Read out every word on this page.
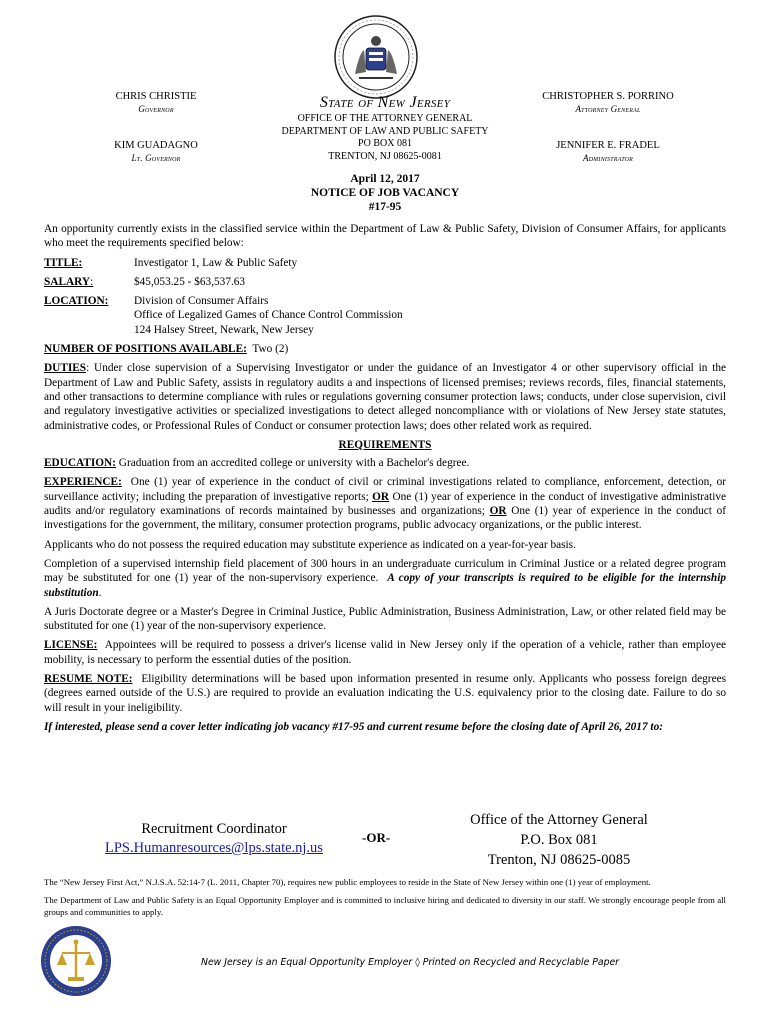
CHRIS CHRISTIE
Governor
KIM GUADAGNO
Lt. Governor
State of New Jersey
OFFICE OF THE ATTORNEY GENERAL
DEPARTMENT OF LAW AND PUBLIC SAFETY
PO BOX 081
TRENTON, NJ 08625-0081
CHRISTOPHER S. PORRINO
Attorney General
JENNIFER E. FRADEL
Administrator
April 12, 2017
NOTICE OF JOB VACANCY
#17-95

An opportunity currently exists in the classified service within the Department of Law & Public Safety, Division of Consumer Affairs, for applicants who meet the requirements specified below:

TITLE:	Investigator 1, Law & Public Safety
SALARY:	$45,053.25 - $63,537.63
LOCATION:	Division of Consumer Affairs
Office of Legalized Games of Chance Control Commission
124 Halsey Street, Newark, New Jersey

NUMBER OF POSITIONS AVAILABLE: Two (2)

DUTIES: Under close supervision of a Supervising Investigator or under the guidance of an Investigator 4 or other supervisory official in the Department of Law and Public Safety, assists in regulatory audits a and inspections of licensed premises; reviews records, files, financial statements, and other transactions to determine compliance with rules or regulations governing consumer protection laws; conducts, under close supervision, civil and regulatory investigative activities or specialized investigations to detect alleged noncompliance with or violations of New Jersey state statutes, administrative codes, or Professional Rules of Conduct or consumer protection laws; does other related work as required.

REQUIREMENTS

EDUCATION: Graduation from an accredited college or university with a Bachelor's degree.

EXPERIENCE: One (1) year of experience in the conduct of civil or criminal investigations related to compliance, enforcement, detection, or surveillance activity; including the preparation of investigative reports; OR One (1) year of experience in the conduct of investigative administrative audits and/or regulatory examinations of records maintained by businesses and organizations; OR One (1) year of experience in the conduct of investigations for the government, the military, consumer protection programs, public advocacy organizations, or the public interest.

Applicants who do not possess the required education may substitute experience as indicated on a year-for-year basis.

Completion of a supervised internship field placement of 300 hours in an undergraduate curriculum in Criminal Justice or a related degree program may be substituted for one (1) year of the non-supervisory experience. A copy of your transcripts is required to be eligible for the internship substitution.

A Juris Doctorate degree or a Master's Degree in Criminal Justice, Public Administration, Business Administration, Law, or other related field may be substituted for one (1) year of the non-supervisory experience.

LICENSE: Appointees will be required to possess a driver's license valid in New Jersey only if the operation of a vehicle, rather than employee mobility, is necessary to perform the essential duties of the position.

RESUME NOTE: Eligibility determinations will be based upon information presented in resume only. Applicants who possess foreign degrees (degrees earned outside of the U.S.) are required to provide an evaluation indicating the U.S. equivalency prior to the closing date. Failure to do so will result in your ineligibility.

If interested, please send a cover letter indicating job vacancy #17-95 and current resume before the closing date of April 26, 2017 to:

Recruitment Coordinator
LPS.Humanresources@lps.state.nj.us
-OR-
Office of the Attorney General
P.O. Box 081
Trenton, NJ 08625-0085

The “New Jersey First Act,” N.J.S.A. 52:14-7 (L. 2011, Chapter 70), requires new public employees to reside in the State of New Jersey within one (1) year of employment.

The Department of Law and Public Safety is an Equal Opportunity Employer and is committed to inclusive hiring and dedicated to diversity in our staff. We strongly encourage people from all groups and communities to apply.

New Jersey is an Equal Opportunity Employer ◊ Printed on Recycled and Recyclable Paper
